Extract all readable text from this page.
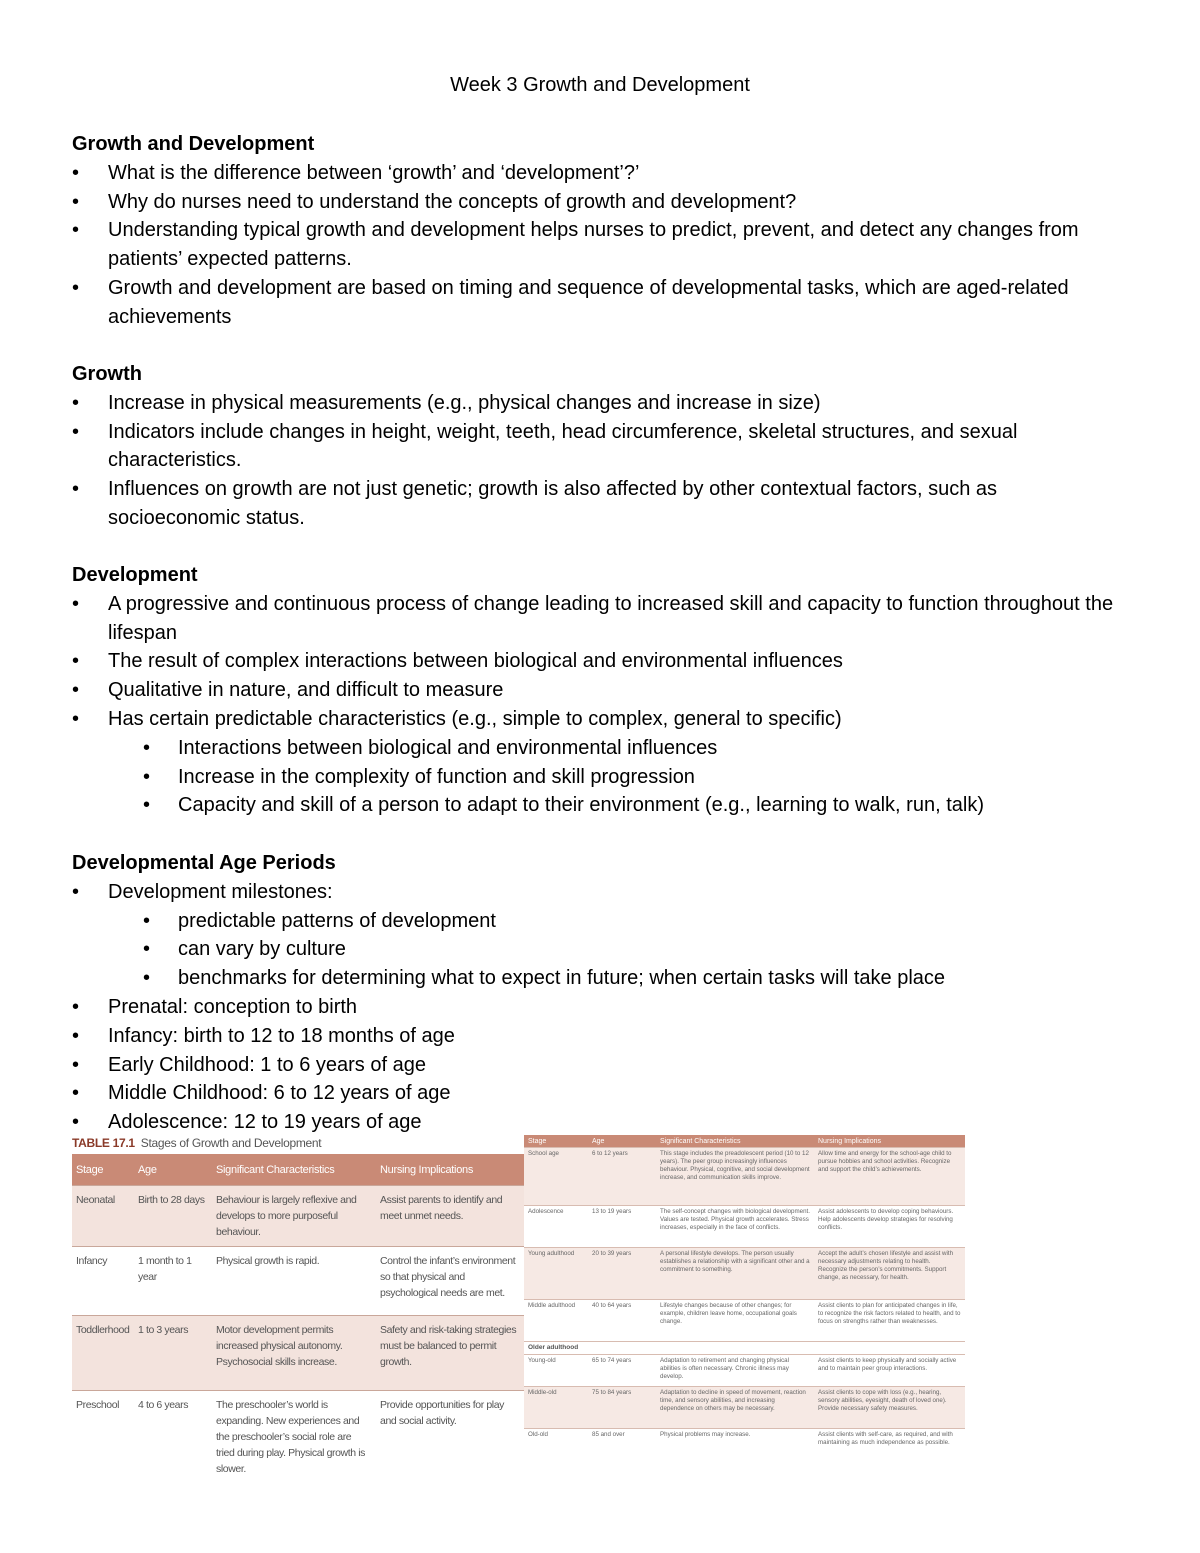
Week 3 Growth and Development
Growth and Development
• What is the difference between ‘growth’ and ‘development’?’
• Why do nurses need to understand the concepts of growth and development?
• Understanding typical growth and development helps nurses to predict, prevent, and detect any changes from patients’ expected patterns.
• Growth and development are based on timing and sequence of developmental tasks, which are aged-related achievements
Growth
• Increase in physical measurements (e.g., physical changes and increase in size)
• Indicators include changes in height, weight, teeth, head circumference, skeletal structures, and sexual characteristics.
• Influences on growth are not just genetic; growth is also affected by other contextual factors, such as socioeconomic status.
Development
• A progressive and continuous process of change leading to increased skill and capacity to function throughout the lifespan
• The result of complex interactions between biological and environmental influences
• Qualitative in nature, and difficult to measure
• Has certain predictable characteristics (e.g., simple to complex, general to specific)
• Interactions between biological and environmental influences
• Increase in the complexity of function and skill progression
• Capacity and skill of a person to adapt to their environment (e.g., learning to walk, run, talk)
Developmental Age Periods
• Development milestones:
• predictable patterns of development
• can vary by culture
• benchmarks for determining what to expect in future; when certain tasks will take place
• Prenatal: conception to birth
• Infancy: birth to 12 to 18 months of age
• Early Childhood: 1 to 6 years of age
• Middle Childhood: 6 to 12 years of age
• Adolescence: 12 to 19 years of age
TABLE 17.1 Stages of Growth and Development
Stage	Age	Significant Characteristics	Nursing Implications
Neonatal	Birth to 28 days	Behaviour is largely reflexive and develops to more purposeful behaviour.	Assist parents to identify and meet unmet needs.
Infancy	1 month to 1 year	Physical growth is rapid.	Control the infant’s environment so that physical and psychological needs are met.
Toddlerhood	1 to 3 years	Motor development permits increased physical autonomy. Psychosocial skills increase.	Safety and risk-taking strategies must be balanced to permit growth.
Preschool	4 to 6 years	The preschooler’s world is expanding. New experiences and the preschooler’s social role are tried during play. Physical growth is slower.	Provide opportunities for play and social activity.
Stage	Age	Significant Characteristics	Nursing Implications
School age	6 to 12 years	This stage includes the preadolescent period (10 to 12 years). The peer group increasingly influences behaviour. Physical, cognitive, and social development increase, and communication skills improve.	Allow time and energy for the school-age child to pursue hobbies and school activities. Recognize and support the child’s achievements.
Adolescence	13 to 19 years	The self-concept changes with biological development. Values are tested. Physical growth accelerates. Stress increases, especially in the face of conflicts.	Assist adolescents to develop coping behaviours. Help adolescents develop strategies for resolving conflicts.
Young adulthood	20 to 39 years	A personal lifestyle develops. The person usually establishes a relationship with a significant other and a commitment to something.	Accept the adult’s chosen lifestyle and assist with necessary adjustments relating to health. Recognize the person’s commitments. Support change, as necessary, for health.
Middle adulthood	40 to 64 years	Lifestyle changes because of other changes; for example, children leave home, occupational goals change.	Assist clients to plan for anticipated changes in life, to recognize the risk factors related to health, and to focus on strengths rather than weaknesses.
Older adulthood			
Young-old	65 to 74 years	Adaptation to retirement and changing physical abilities is often necessary. Chronic illness may develop.	Assist clients to keep physically and socially active and to maintain peer group interactions.
Middle-old	75 to 84 years	Adaptation to decline in speed of movement, reaction time, and sensory abilities, and increasing dependence on others may be necessary.	Assist clients to cope with loss (e.g., hearing, sensory abilities, eyesight, death of loved one). Provide necessary safety measures.
Old-old	85 and over	Physical problems may increase.	Assist clients with self-care, as required, and with maintaining as much independence as possible.
